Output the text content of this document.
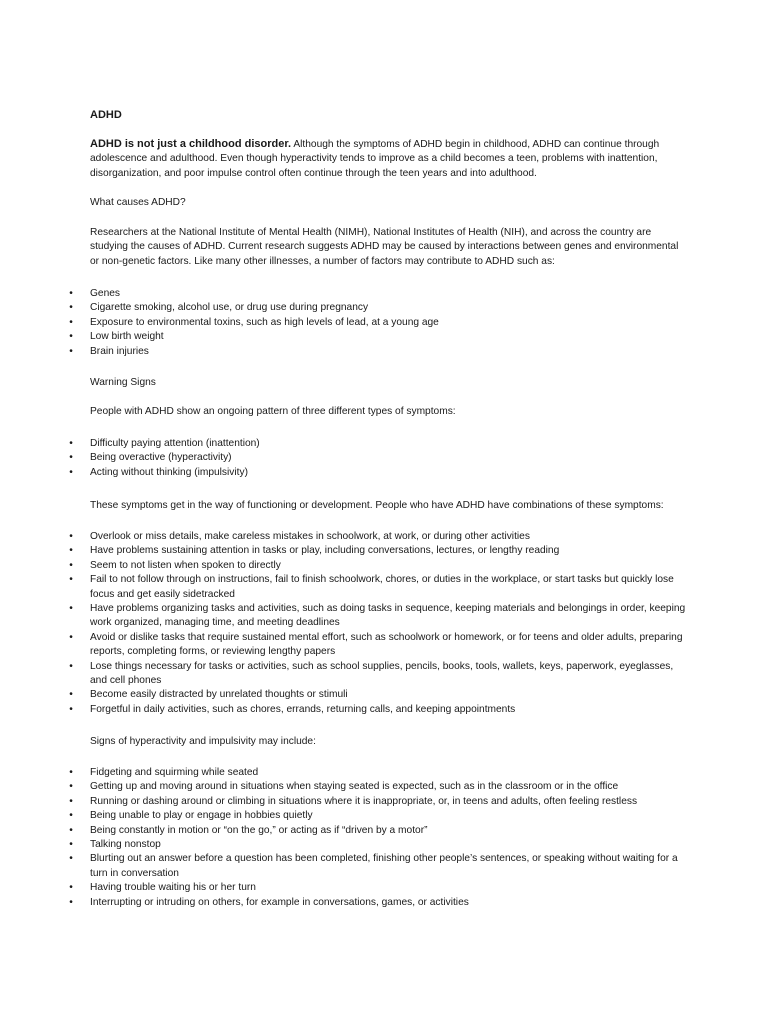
ADHD

ADHD is not just a childhood disorder. Although the symptoms of ADHD begin in childhood, ADHD can continue through adolescence and adulthood. Even though hyperactivity tends to improve as a child becomes a teen, problems with inattention, disorganization, and poor impulse control often continue through the teen years and into adulthood.

What causes ADHD?

Researchers at the National Institute of Mental Health (NIMH), National Institutes of Health (NIH), and across the country are studying the causes of ADHD. Current research suggests ADHD may be caused by interactions between genes and environmental or non-genetic factors. Like many other illnesses, a number of factors may contribute to ADHD such as:

•	Genes
•	Cigarette smoking, alcohol use, or drug use during pregnancy
•	Exposure to environmental toxins, such as high levels of lead, at a young age
•	Low birth weight
•	Brain injuries

Warning Signs

People with ADHD show an ongoing pattern of three different types of symptoms:

•	Difficulty paying attention (inattention)
•	Being overactive (hyperactivity)
•	Acting without thinking (impulsivity)

These symptoms get in the way of functioning or development. People who have ADHD have combinations of these symptoms:

•	Overlook or miss details, make careless mistakes in schoolwork, at work, or during other activities
•	Have problems sustaining attention in tasks or play, including conversations, lectures, or lengthy reading
•	Seem to not listen when spoken to directly
•	Fail to not follow through on instructions, fail to finish schoolwork, chores, or duties in the workplace, or start tasks but quickly lose focus and get easily sidetracked
•	Have problems organizing tasks and activities, such as doing tasks in sequence, keeping materials and belongings in order, keeping work organized, managing time, and meeting deadlines
•	Avoid or dislike tasks that require sustained mental effort, such as schoolwork or homework, or for teens and older adults, preparing reports, completing forms, or reviewing lengthy papers
•	Lose things necessary for tasks or activities, such as school supplies, pencils, books, tools, wallets, keys, paperwork, eyeglasses, and cell phones
•	Become easily distracted by unrelated thoughts or stimuli
•	Forgetful in daily activities, such as chores, errands, returning calls, and keeping appointments

Signs of hyperactivity and impulsivity may include:

•	Fidgeting and squirming while seated
•	Getting up and moving around in situations when staying seated is expected, such as in the classroom or in the office
•	Running or dashing around or climbing in situations where it is inappropriate, or, in teens and adults, often feeling restless
•	Being unable to play or engage in hobbies quietly
•	Being constantly in motion or “on the go,” or acting as if “driven by a motor”
•	Talking nonstop
•	Blurting out an answer before a question has been completed, finishing other people’s sentences, or speaking without waiting for a turn in conversation
•	Having trouble waiting his or her turn
•	Interrupting or intruding on others, for example in conversations, games, or activities
